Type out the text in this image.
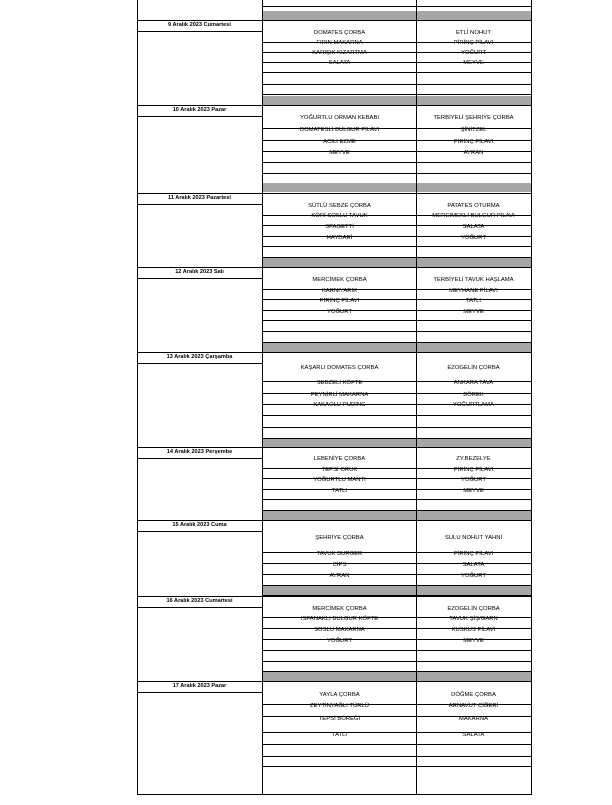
9 Aralık 2023 Cumartesi
DOMATES ÇORBA	ETLİ NOHUT
FIRIN MAKARNA	PİRİNÇ PİLAVI
KARIŞIK KIZARTMA	YOĞURT
SALATA	MEYVE
10 Aralık 2023 Pazar
YOĞURTLU ORMAN KEBABI	TERBİYELİ ŞEHRİYE ÇORBA
DOMATESLİ BULGUR PİLAVI	ŞİNİTZEL
ACILI EZME	PİRİNÇ PİLAVI
MEYVE	AYRAN
11 Aralık 2023 Pazartesi
SÜTLÜ SEBZE ÇORBA	PATATES OTURMA
KÖRİ SOSLU TAVUK	MERCİMEKLİ BULGUR PİLAVI
SPAGETTİ	SALATA
HAYDARİ	YOĞURT
12 Aralık 2023 Salı
MERCİMEK ÇORBA	TERBİYELİ TAVUK HAŞLAMA
KARNIYARIK	MEYHANE PİLAVI
PİRİNÇ PİLAVI	TATLI
YOĞURT	MEYVE
13 Aralık 2023 Çarşamba
KAŞARLI DOMATES ÇORBA	EZOGELİN ÇORBA
SEBZELİ KÖFTE	ANKARA TAVA
PEYNİRLİ MAKARNA	BÖREK
KAKAOLU PUDİNG	YOĞURTLAMA
14 Aralık 2023 Perşembe
LEBENİYE ÇORBA	ZY.BEZELYE
TEPSİ ORUK	PİRİNÇ PİLAVI
YOĞURTLU MANTI	YOĞURT
TATLI	MEYVE
15 Aralık 2023 Cuma
ŞEHRİYE ÇORBA	SULU NOHUT YAHNİ
TAVUK BURGER	PİRİNÇ PİLAVI
CİPS	SALATA
AYRAN	YOĞURT
16 Aralık 2023 Cumartesi
MERCİMEK ÇORBA	EZOGELİN ÇORBA
ISPANAKLI BULGUR KÖFTE	TAVUK ŞİŞ/GARN
SOSLU MAKARNA	KUSKUS PİLAVI
YOĞURT	MEYVE
17 Aralık 2023 Pazar
YAYLA ÇORBA	DÖĞME ÇORBA
ZEYTİNYAĞLI TÜRLÜ	ARNAVUT CİĞERİ
TEPSİ BÖREĞİ	MAKARNA
TATLI	SALATA
